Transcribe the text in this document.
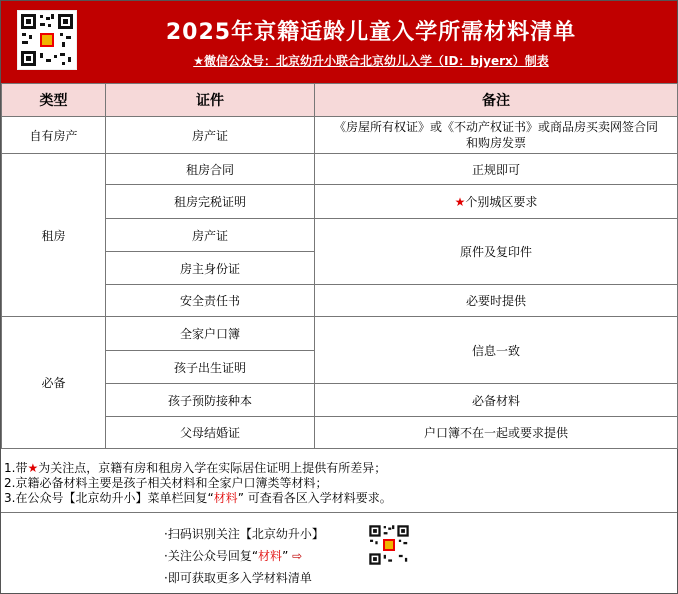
2025年京籍适龄儿童入学所需材料清单
★微信公众号：北京幼升小联合北京幼儿入学（ID：bjyerx）制表
类型	证件	备注
自有房产	房产证	《房屋所有权证》或《不动产权证书》或商品房买卖网签合同
和购房发票
租房	租房合同	正规即可
	租房完税证明	★个别城区要求
	房产证	原件及复印件
	房主身份证	
	安全责任书	必要时提供
必备	全家户口簿	信息一致
	孩子出生证明	
	孩子预防接种本	必备材料
	父母结婚证	户口簿不在一起或要求提供

1.带★为关注点，京籍有房和租房入学在实际居住证明上提供有所差异；

2.京籍必备材料主要是孩子相关材料和全家户口簿类等材料；

3.在公众号【北京幼升小】菜单栏回复“材料” 可查看各区入学材料要求。

·扫码识别关注【北京幼升小】

·关注公众号回复“材料” ⇨

·即可获取更多入学材料清单
